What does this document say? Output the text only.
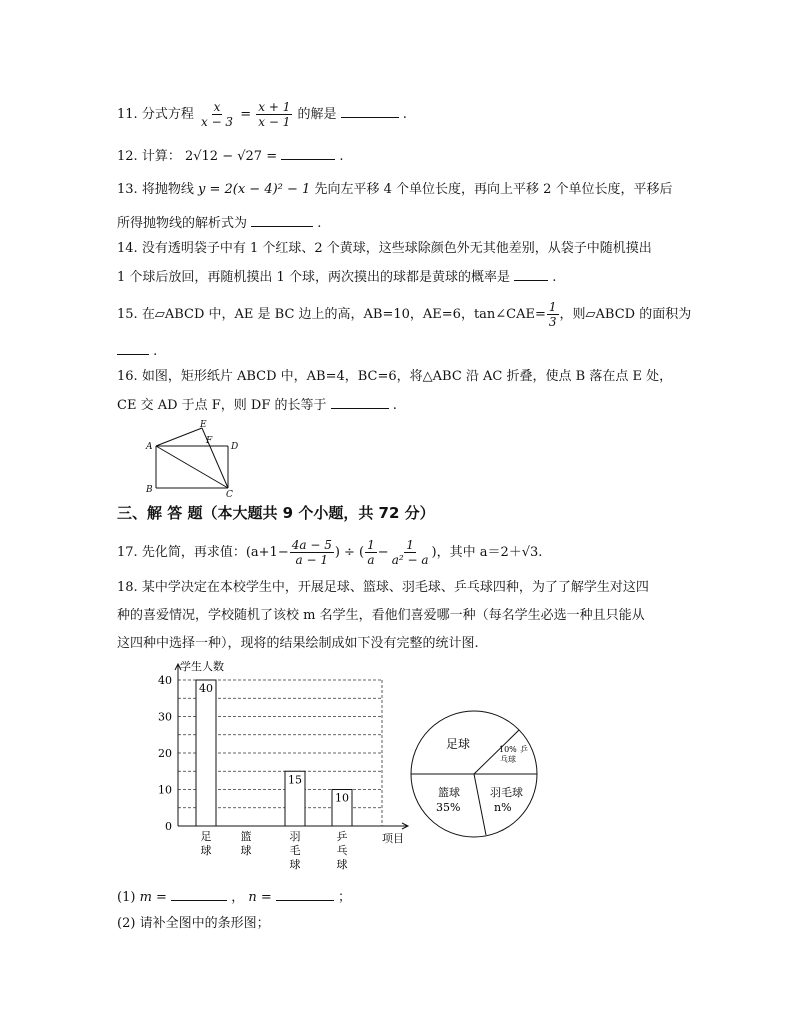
11. 分式方程 $\frac{x}{x - 3} = \frac{x + 1}{x - 1}$ 的解是	.
12. 计算： 2√12 − √27 =	.
13. 将抛物线 y = 2(x − 4)² − 1 先向左平移 4 个单位长度，再向上平移 2 个单位长度，平移后
所得抛物线的解析式为	.
14. 没有透明袋子中有 1 个红球、2 个黄球，这些球除颜色外无其他差别，从袋子中随机摸出
1 个球后放回，再随机摸出 1 个球，两次摸出的球都是黄球的概率是	.
15. 在▱ABCD 中，AE 是 BC 边上的高，AB=10，AE=6，tan∠CAE= $\frac{1}{3}$ ，则▱ABCD 的面积为
.
16. 如图，矩形纸片 ABCD 中，AB=4，BC=6，将△ABC 沿 AC 折叠，使点 B 落在点 E 处，
CE 交 AD 于点 F，则 DF 的长等于	.
A
B	C
D
E
F
三、解 答 题（本大题共 9 个小题，共 72 分）
17. 先化简，再求值：($a+1- \frac{4a - 5}{a - 1}$ ) ÷ ( $\frac{1}{a} - \frac{1}{\text{a² − a}}$ )，其中 a＝2＋√3.
18. 某中学决定在本校学生中，开展足球、篮球、羽毛球、乒乓球四种，为了了解学生对这四
种的喜爱情况，学校随机了该校 m 名学生，看他们喜爱哪一种（每名学生必选一种且只能从
这四种中选择一种），现将的结果绘制成如下没有完整的统计图.
0
10
20
30
40
学生人数
项目
40
足
球
篮
球
15
羽
毛
球
10
乒
乓
球
足球	10% 乒
乓球
羽毛球
n%
篮球
35%
(1) m =	， n =	；
(2) 请补全图中的条形图；
